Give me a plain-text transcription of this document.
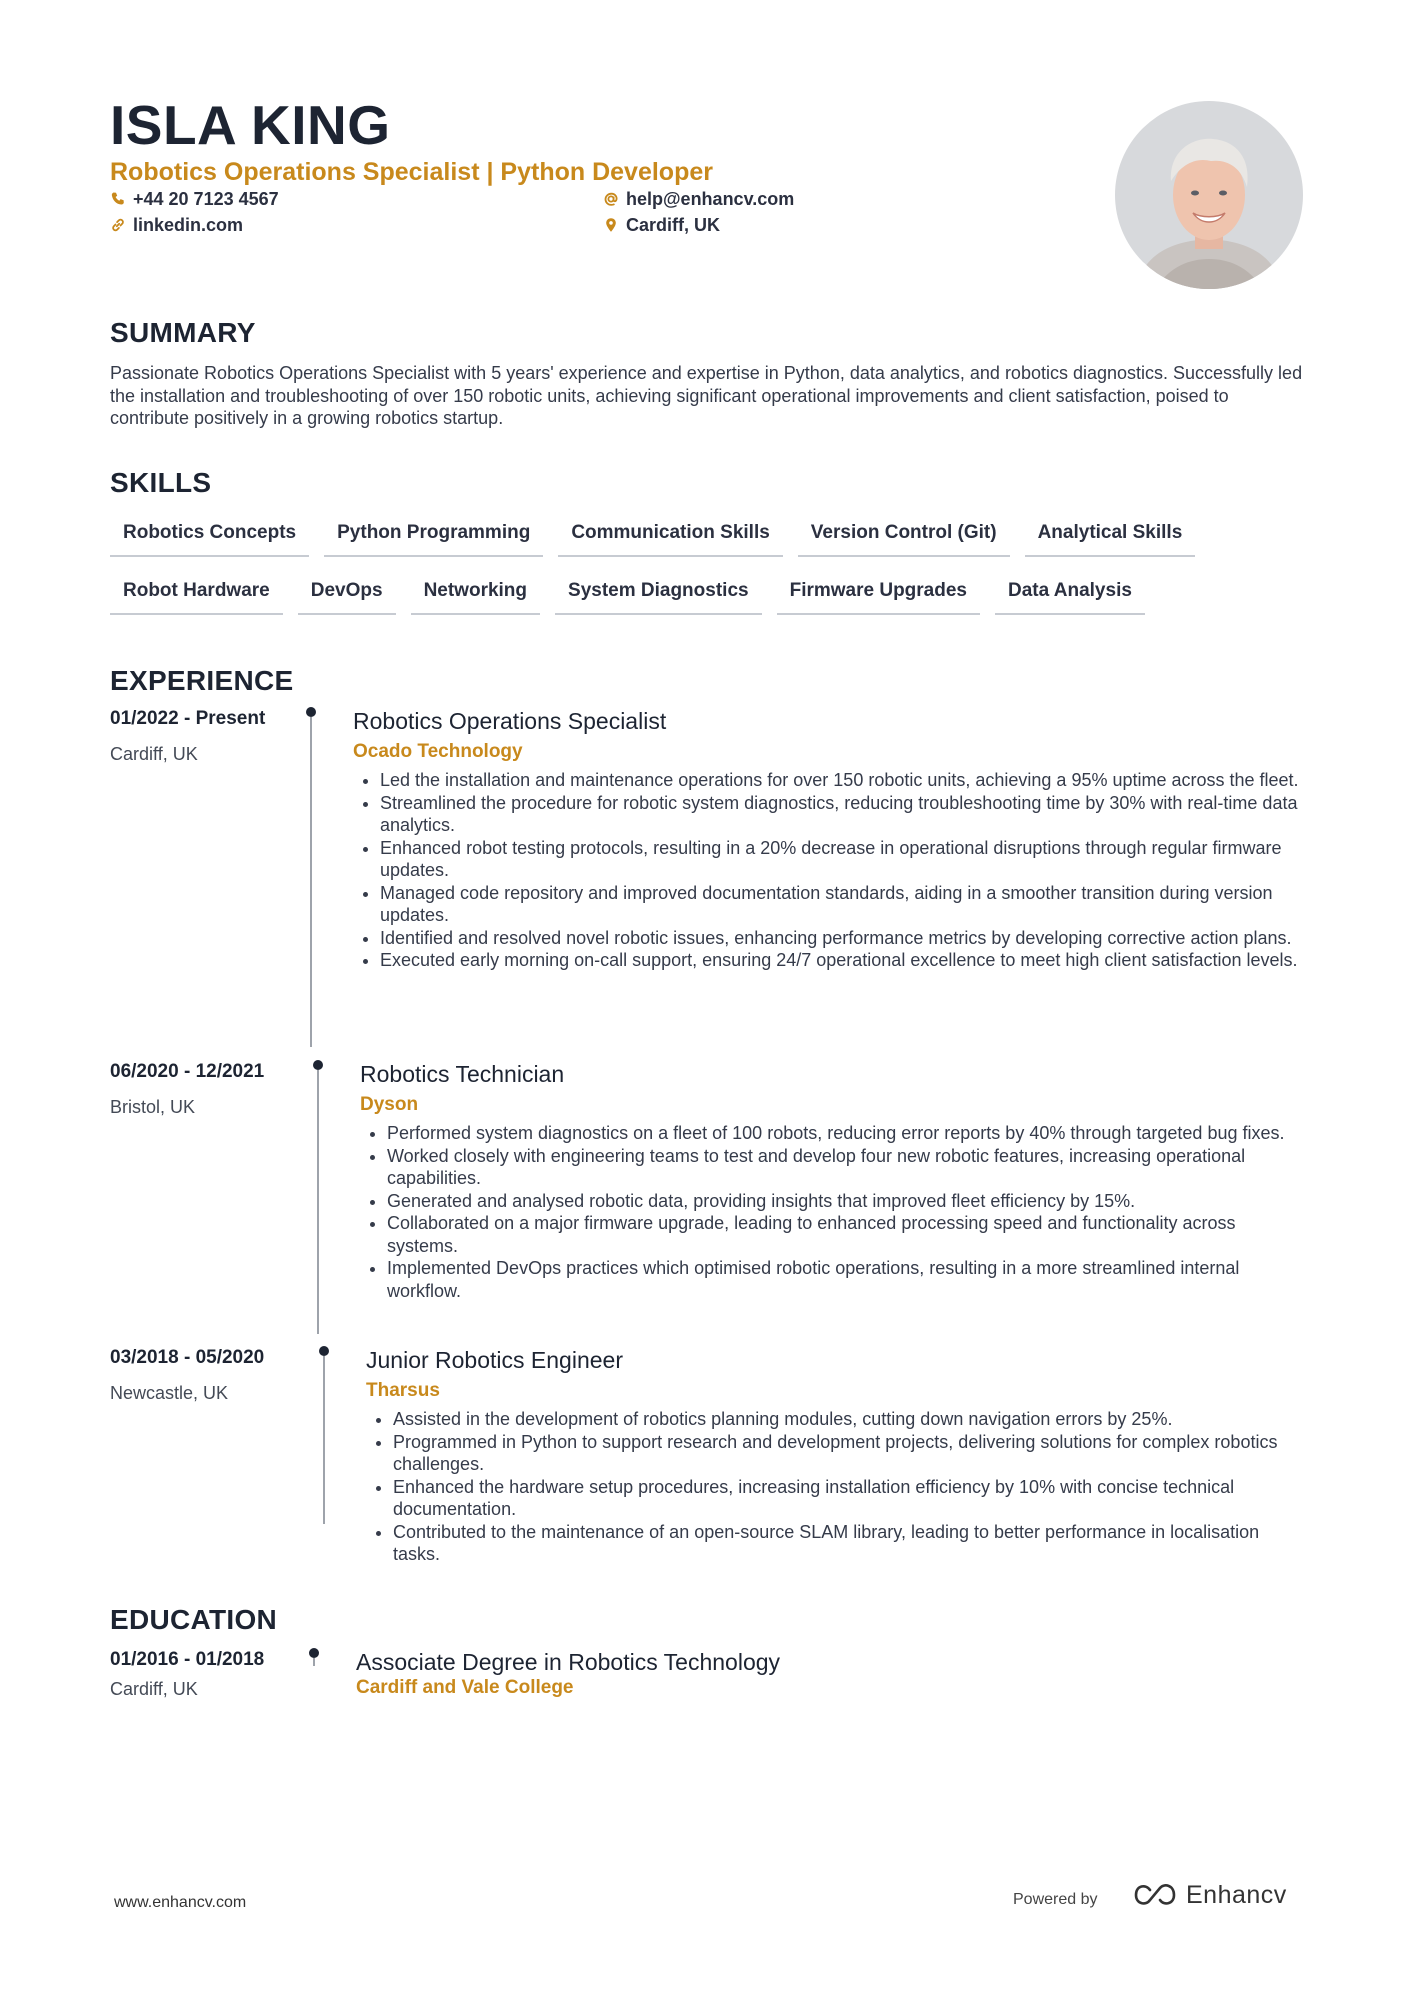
ISLA KING
Robotics Operations Specialist | Python Developer
+44 20 7123 4567	help@enhancv.com
linkedin.com	Cardiff, UK
SUMMARY

Passionate Robotics Operations Specialist with 5 years' experience and expertise in Python, data analytics, and robotics diagnostics. Successfully led the installation and troubleshooting of over 150 robotic units, achieving significant operational improvements and client satisfaction, poised to contribute positively in a growing robotics startup.

SKILLS
Robotics Concepts	Python Programming	Communication Skills	Version Control (Git)	Analytical Skills
Robot Hardware	DevOps	Networking	System Diagnostics	Firmware Upgrades	Data Analysis
EXPERIENCE
01/2022 - Present
Cardiff, UK
Robotics Operations Specialist
Ocado Technology
• Led the installation and maintenance operations for over 150 robotic units, achieving a 95% uptime across the fleet.
• Streamlined the procedure for robotic system diagnostics, reducing troubleshooting time by 30% with real-time data analytics.
• Enhanced robot testing protocols, resulting in a 20% decrease in operational disruptions through regular firmware updates.
• Managed code repository and improved documentation standards, aiding in a smoother transition during version updates.
• Identified and resolved novel robotic issues, enhancing performance metrics by developing corrective action plans.
• Executed early morning on-call support, ensuring 24/7 operational excellence to meet high client satisfaction levels.
06/2020 - 12/2021
Bristol, UK
Robotics Technician
Dyson
• Performed system diagnostics on a fleet of 100 robots, reducing error reports by 40% through targeted bug fixes.
• Worked closely with engineering teams to test and develop four new robotic features, increasing operational capabilities.
• Generated and analysed robotic data, providing insights that improved fleet efficiency by 15%.
• Collaborated on a major firmware upgrade, leading to enhanced processing speed and functionality across systems.
• Implemented DevOps practices which optimised robotic operations, resulting in a more streamlined internal workflow.
03/2018 - 05/2020
Newcastle, UK
Junior Robotics Engineer
Tharsus
• Assisted in the development of robotics planning modules, cutting down navigation errors by 25%.
• Programmed in Python to support research and development projects, delivering solutions for complex robotics challenges.
• Enhanced the hardware setup procedures, increasing installation efficiency by 10% with concise technical documentation.
• Contributed to the maintenance of an open-source SLAM library, leading to better performance in localisation tasks.
EDUCATION
01/2016 - 01/2018
Cardiff, UK
Associate Degree in Robotics Technology
Cardiff and Vale College
www.enhancv.com	Powered by	Enhancv
